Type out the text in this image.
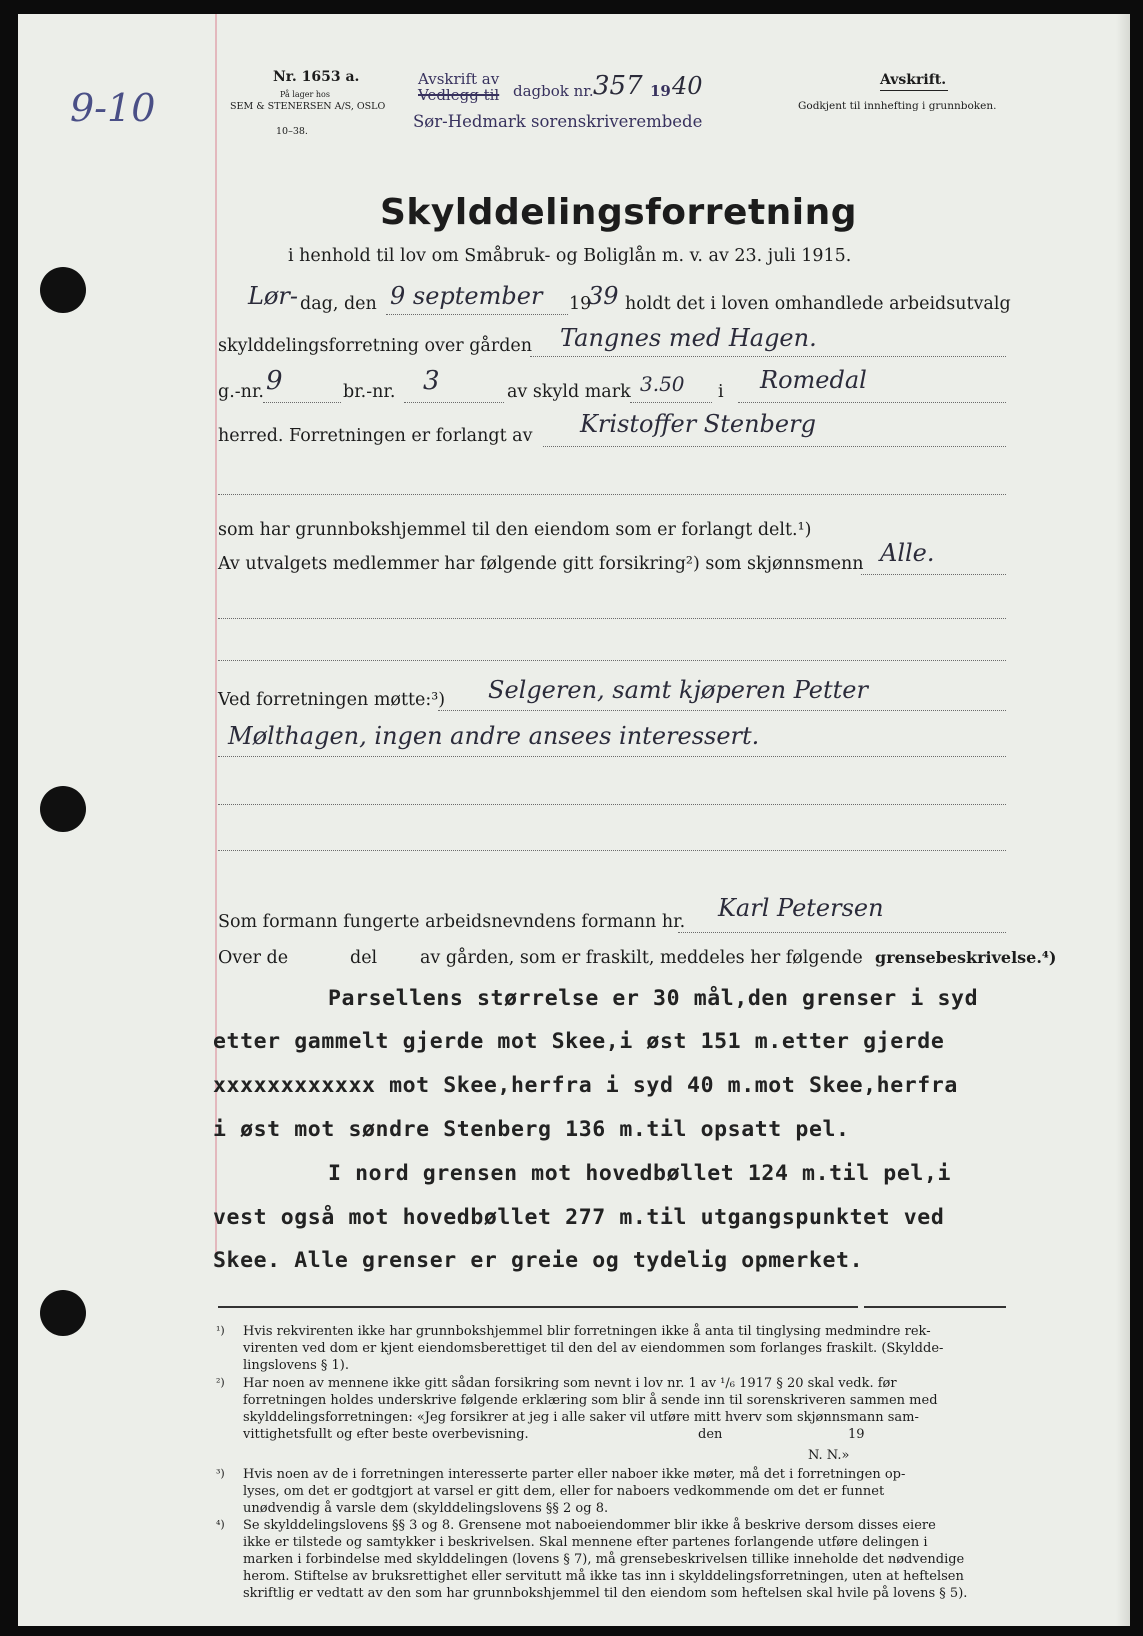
9-10
Nr. 1653 a.
På lager hos
SEM & STENERSEN A/S, OSLO
10–38.
Avskrift av
Vedlegg til dagbok nr. 357 19 40
Sør-Hedmark sorenskriverembede
Avskrift.
Godkjent til innhefting i grunnboken.
Skylddelingsforretning
i henhold til lov om Småbruk- og Boliglån m. v. av 23. juli 1915.
Lør- dag, den 9 september 19
39 holdt det i loven omhandlede arbeidsutvalg
skylddelingsforretning over gården Tangnes med Hagen.
g.-nr. 9	br.-nr. 3	av skyld mark 3.50 i Romedal
herred. Forretningen er forlangt av Kristoffer Stenberg
som har grunnbokshjemmel til den eiendom som er forlangt delt.¹)
Av utvalgets medlemmer har følgende gitt forsikring²) som skjønnsmenn Alle.
Ved forretningen møtte:³) Selgeren, samt kjøperen Petter
Mølthagen, ingen andre ansees interessert.
Som formann fungerte arbeidsnevndens formann hr. Karl Petersen
Over de	del av gården, som er fraskilt, meddeles her følgende grensebeskrivelse.⁴)
Parsellens størrelse er 30 mål,den grenser i syd
etter gammelt gjerde mot Skee,i øst 151 m.etter gjerde
xxxxxxxxxxxx mot Skee,herfra i syd 40 m.mot Skee,herfra
i øst mot søndre Stenberg 136 m.til opsatt pel.
I nord grensen mot hovedbøllet 124 m.til pel,i
vest også mot hovedbøllet 277 m.til utgangspunktet ved
Skee. Alle grenser er greie og tydelig opmerket.
¹) Hvis rekvirenten ikke har grunnbokshjemmel blir forretningen ikke å anta til tinglysing medmindre rek-
virenten ved dom er kjent eiendomsberettiget til den del av eiendommen som forlanges fraskilt. (Skyldde-
lingslovens § 1).
²) Har noen av mennene ikke gitt sådan forsikring som nevnt i lov nr. 1 av ¹/₆ 1917 § 20 skal vedk. før
forretningen holdes underskrive følgende erklæring som blir å sende inn til sorenskriveren sammen med
skylddelingsforretningen: «Jeg forsikrer at jeg i alle saker vil utføre mitt hverv som skjønnsmann sam-
vittighetsfullt og efter beste overbevisning.	den	19
N. N.»
³) Hvis noen av de i forretningen interesserte parter eller naboer ikke møter, må det i forretningen op-
lyses, om det er godtgjort at varsel er gitt dem, eller for naboers vedkommende om det er funnet
unødvendig å varsle dem (skylddelingslovens §§ 2 og 8.
⁴) Se skylddelingslovens §§ 3 og 8. Grensene mot naboeiendommer blir ikke å beskrive dersom disses eiere
ikke er tilstede og samtykker i beskrivelsen. Skal mennene efter partenes forlangende utføre delingen i
marken i forbindelse med skylddelingen (lovens § 7), må grensebeskrivelsen tillike inneholde det nødvendige
herom. Stiftelse av bruksrettighet eller servitutt må ikke tas inn i skylddelingsforretningen, uten at heftelsen
skriftlig er vedtatt av den som har grunnbokshjemmel til den eiendom som heftelsen skal hvile på lovens § 5).
